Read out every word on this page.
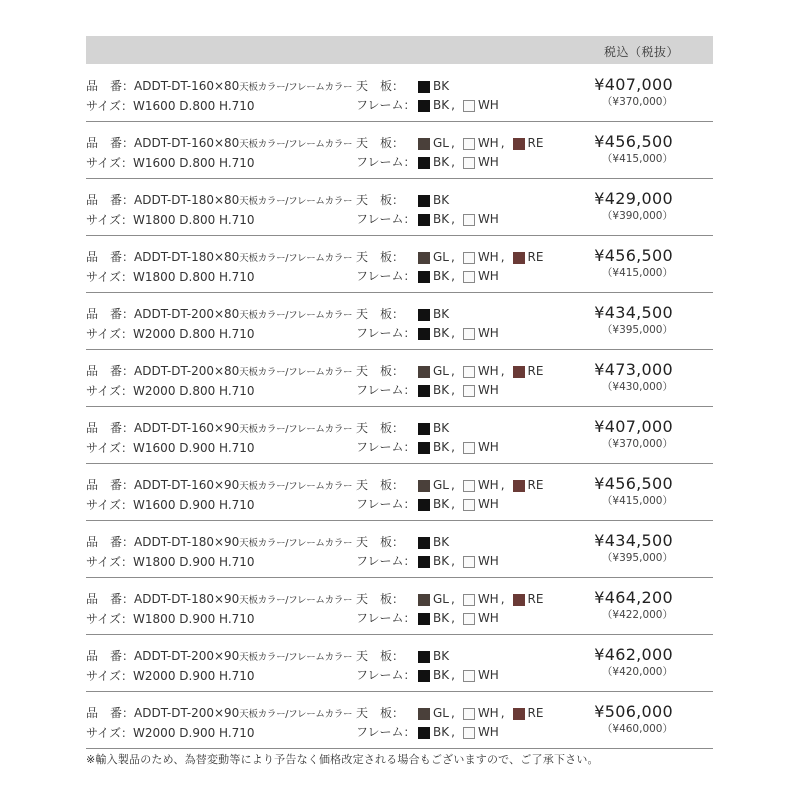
税込（税抜）
品　番：ADDT-DT-160×80天板カラー/フレームカラー
サイズ：W1600 D.800 H.710
天　板：	BK
フレーム： BK , WH
¥407,000
（¥370,000）
品　番：ADDT-DT-160×80天板カラー/フレームカラー
サイズ：W1600 D.800 H.710
天　板：	GL , WH , RE
フレーム： BK , WH
¥456,500
（¥415,000）
品　番：ADDT-DT-180×80天板カラー/フレームカラー
サイズ：W1800 D.800 H.710
天　板：	BK
フレーム： BK , WH
¥429,000
（¥390,000）
品　番：ADDT-DT-180×80天板カラー/フレームカラー
サイズ：W1800 D.800 H.710
天　板：	GL , WH , RE
フレーム： BK , WH
¥456,500
（¥415,000）
品　番：ADDT-DT-200×80天板カラー/フレームカラー
サイズ：W2000 D.800 H.710
天　板：	BK
フレーム： BK , WH
¥434,500
（¥395,000）
品　番：ADDT-DT-200×80天板カラー/フレームカラー
サイズ：W2000 D.800 H.710
天　板：	GL , WH , RE
フレーム： BK , WH
¥473,000
（¥430,000）
品　番：ADDT-DT-160×90天板カラー/フレームカラー
サイズ：W1600 D.900 H.710
天　板：	BK
フレーム： BK , WH
¥407,000
（¥370,000）
品　番：ADDT-DT-160×90天板カラー/フレームカラー
サイズ：W1600 D.900 H.710
天　板：	GL , WH , RE
フレーム： BK , WH
¥456,500
（¥415,000）
品　番：ADDT-DT-180×90天板カラー/フレームカラー
サイズ：W1800 D.900 H.710
天　板：	BK
フレーム： BK , WH
¥434,500
（¥395,000）
品　番：ADDT-DT-180×90天板カラー/フレームカラー
サイズ：W1800 D.900 H.710
天　板：	GL , WH , RE
フレーム： BK , WH
¥464,200
（¥422,000）
品　番：ADDT-DT-200×90天板カラー/フレームカラー
サイズ：W2000 D.900 H.710
天　板：	BK
フレーム： BK , WH
¥462,000
（¥420,000）
品　番：ADDT-DT-200×90天板カラー/フレームカラー
サイズ：W2000 D.900 H.710
天　板：	GL , WH , RE
フレーム： BK , WH
¥506,000
（¥460,000）
※輸入製品のため、為替変動等により予告なく価格改定される場合もございますので、ご了承下さい。
